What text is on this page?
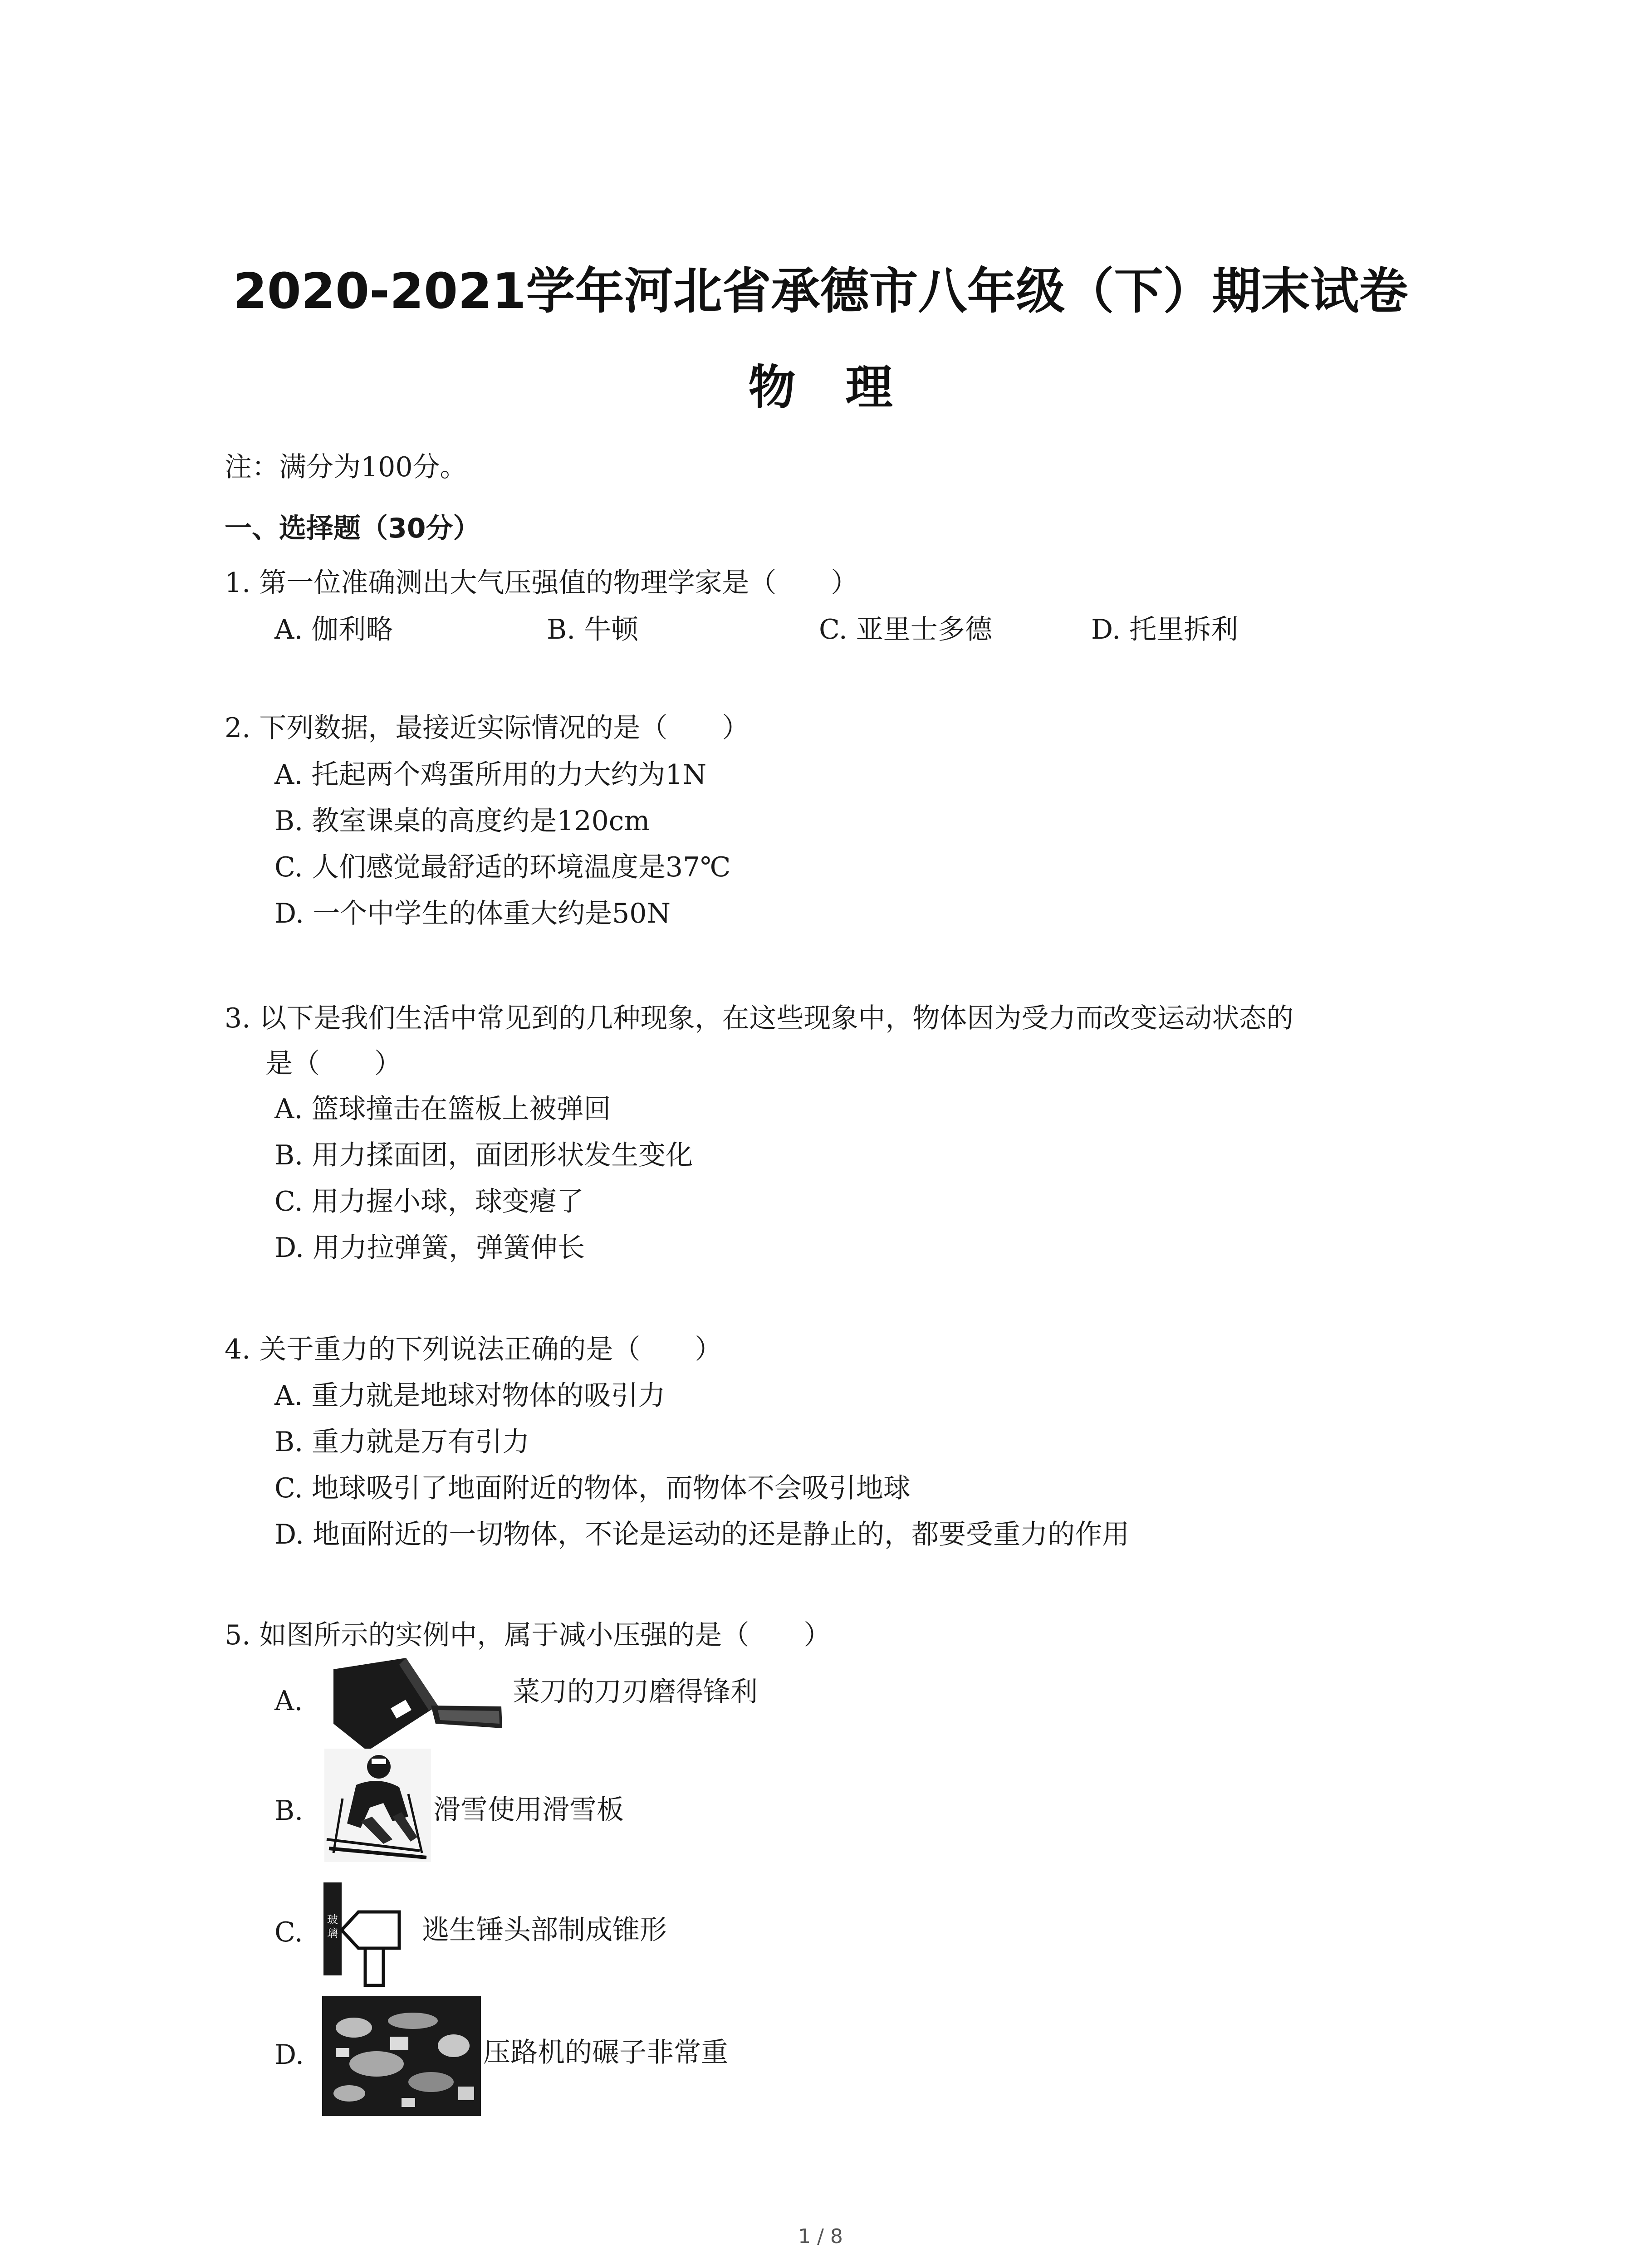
2020-2021学年河北省承德市八年级（下）期末试卷
物理
注：满分为100分。
一、选择题（30分）
1. 第一位准确测出大气压强值的物理学家是（　　）
A. 伽利略	B. 牛顿	C. 亚里士多德	D. 托里拆利
2. 下列数据，最接近实际情况的是（　　）
A. 托起两个鸡蛋所用的力大约为1N
B. 教室课桌的高度约是120cm
C. 人们感觉最舒适的环境温度是37℃
D. 一个中学生的体重大约是50N
3. 以下是我们生活中常见到的几种现象，在这些现象中，物体因为受力而改变运动状态的
是（　　）
A. 篮球撞击在篮板上被弹回
B. 用力揉面团，面团形状发生变化
C. 用力握小球，球变瘪了
D. 用力拉弹簧，弹簧伸长
4. 关于重力的下列说法正确的是（　　）
A. 重力就是地球对物体的吸引力
B. 重力就是万有引力
C. 地球吸引了地面附近的物体，而物体不会吸引地球
D. 地面附近的一切物体，不论是运动的还是静止的，都要受重力的作用
5. 如图所示的实例中，属于减小压强的是（　　）
A.	菜刀的刀刃磨得锋利
B.	滑雪使用滑雪板
C. 玻
璃	逃生锤头部制成锥形
D.	压路机的碾子非常重
1 / 8
